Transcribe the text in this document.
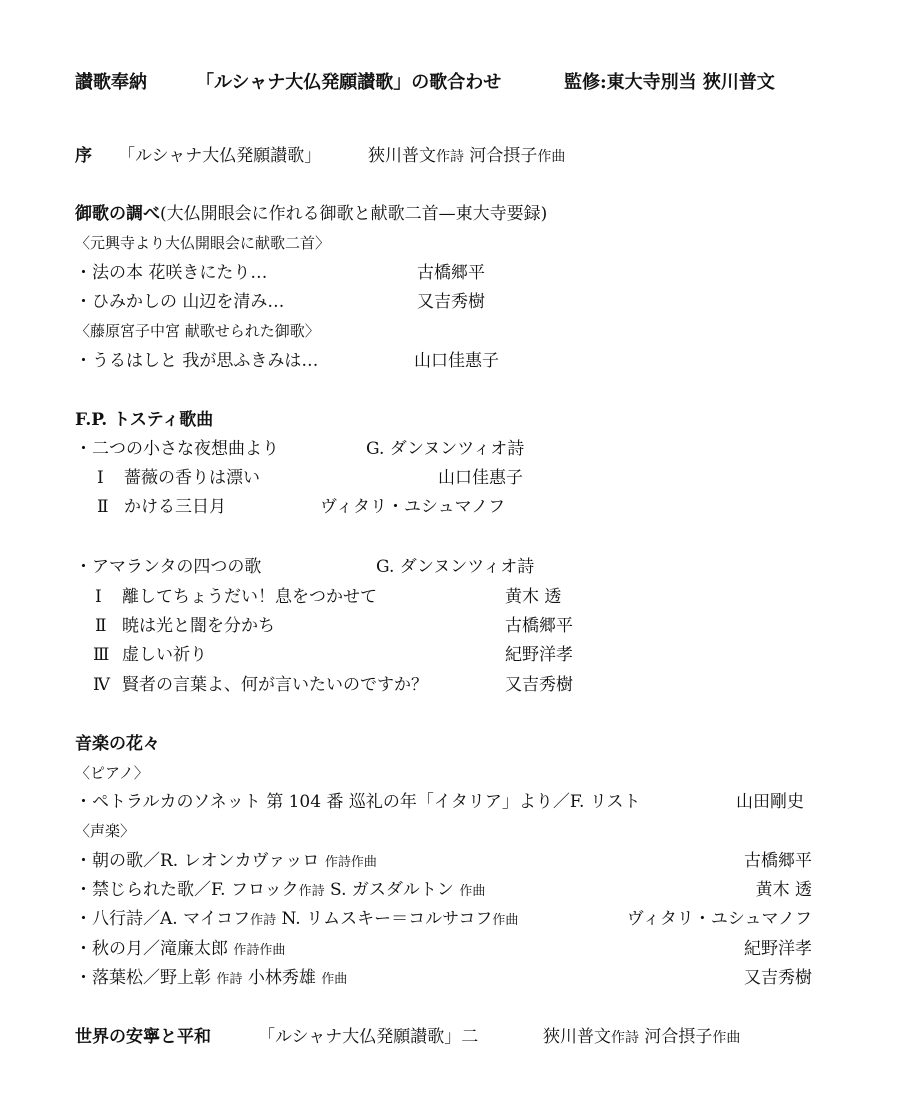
讃歌奉納	「ルシャナ大仏発願讃歌」の歌合わせ	監修:東大寺別当 狹川普文
序 「ルシャナ大仏発願讃歌」	狹川普文作詩 河合摂子作曲
御歌の調べ(大仏開眼会に作れる御歌と献歌二首—東大寺要録)
〈元興寺より大仏開眼会に献歌二首〉
・法の本 花咲きにたり…	古橋郷平
・ひみかしの 山辺を清み…	又吉秀樹
〈藤原宮子中宮 献歌せられた御歌〉
・うるはしと 我が思ふきみは…	山口佳惠子
F.P. トスティ歌曲
・二つの小さな夜想曲より	G. ダンヌンツィオ詩
Ⅰ 薔薇の香りは漂い	山口佳惠子
Ⅱ かける三日月	ヴィタリ・ユシュマノフ
・アマランタの四つの歌	G. ダンヌンツィオ詩
Ⅰ 離してちょうだい！息をつかせて	黄木 透
Ⅱ 暁は光と闇を分かち	古橋郷平
Ⅲ 虚しい祈り	紀野洋孝
Ⅳ 賢者の言葉よ、何が言いたいのですか？	又吉秀樹
音楽の花々
〈ピアノ〉
・ペトラルカのソネット 第 104 番 巡礼の年「イタリア」より／F. リスト	山田剛史
〈声楽〉
・朝の歌／R. レオンカヴァッロ 作詩作曲	古橋郷平
・禁じられた歌／F. フロック作詩 S. ガスダルトン 作曲	黄木 透
・八行詩／A. マイコフ作詩 N. リムスキー＝コルサコフ作曲	ヴィタリ・ユシュマノフ
・秋の月／滝廉太郎 作詩作曲	紀野洋孝
・落葉松／野上彰 作詩 小林秀雄 作曲	又吉秀樹
世界の安寧と平和	「ルシャナ大仏発願讃歌」二	狹川普文作詩 河合摂子作曲
